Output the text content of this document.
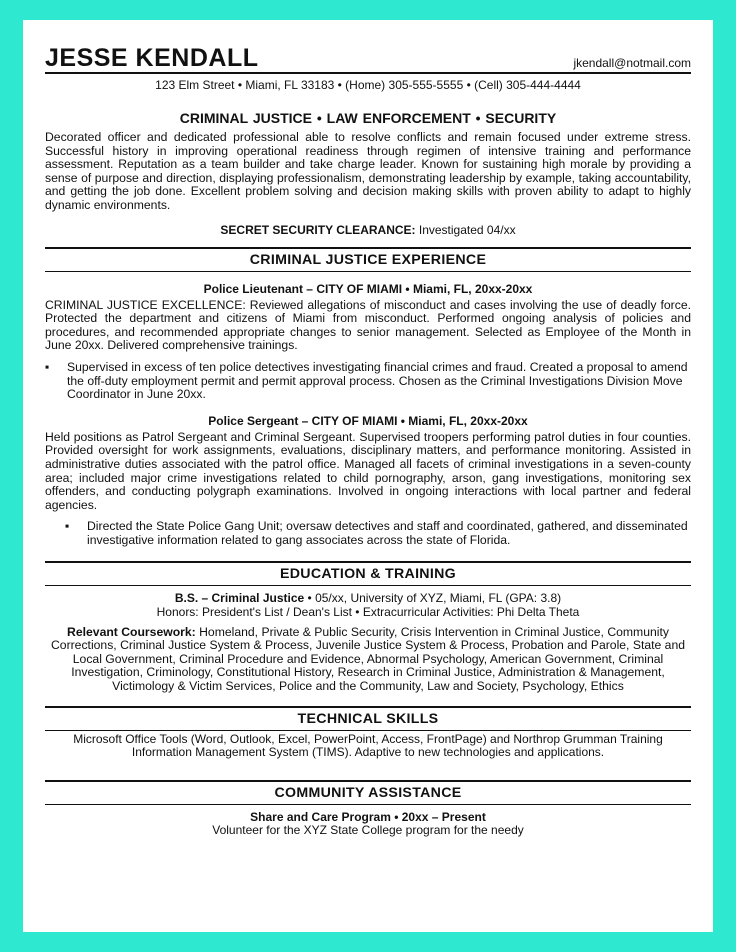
JESSE KENDALL	jkendall@notmail.com
123 Elm Street • Miami, FL 33183 • (Home) 305-555-5555 • (Cell) 305-444-4444
CRIMINAL JUSTICE • LAW ENFORCEMENT • SECURITY

Decorated officer and dedicated professional able to resolve conflicts and remain focused under extreme stress. Successful history in improving operational readiness through regimen of intensive training and performance assessment. Reputation as a team builder and take charge leader. Known for sustaining high morale by providing a sense of purpose and direction, displaying professionalism, demonstrating leadership by example, taking accountability, and getting the job done. Excellent problem solving and decision making skills with proven ability to adapt to highly dynamic environments.

SECRET SECURITY CLEARANCE: Investigated 04/xx
CRIMINAL JUSTICE EXPERIENCE
Police Lieutenant – CITY OF MIAMI • Miami, FL, 20xx-20xx

CRIMINAL JUSTICE EXCELLENCE: Reviewed allegations of misconduct and cases involving the use of deadly force. Protected the department and citizens of Miami from misconduct. Performed ongoing analysis of policies and procedures, and recommended appropriate changes to senior management. Selected as Employee of the Month in June 20xx. Delivered comprehensive trainings.

▪	Supervised in excess of ten police detectives investigating financial crimes and fraud. Created a proposal to amend the off-duty employment permit and permit approval process. Chosen as the Criminal Investigations Division Move Coordinator in June 20xx.
Police Sergeant – CITY OF MIAMI • Miami, FL, 20xx-20xx

Held positions as Patrol Sergeant and Criminal Sergeant. Supervised troopers performing patrol duties in four counties. Provided oversight for work assignments, evaluations, disciplinary matters, and performance monitoring. Assisted in administrative duties associated with the patrol office. Managed all facets of criminal investigations in a seven-county area; included major crime investigations related to child pornography, arson, gang investigations, monitoring sex offenders, and conducting polygraph examinations. Involved in ongoing interactions with local partner and federal agencies.

▪	Directed the State Police Gang Unit; oversaw detectives and staff and coordinated, gathered, and disseminated investigative information related to gang associates across the state of Florida.
EDUCATION & TRAINING

B.S. – Criminal Justice • 05/xx, University of XYZ, Miami, FL (GPA: 3.8)

Honors: President's List / Dean's List • Extracurricular Activities: Phi Delta Theta

Relevant Coursework: Homeland, Private & Public Security, Crisis Intervention in Criminal Justice, Community Corrections, Criminal Justice System & Process, Juvenile Justice System & Process, Probation and Parole, State and Local Government, Criminal Procedure and Evidence, Abnormal Psychology, American Government, Criminal Investigation, Criminology, Constitutional History, Research in Criminal Justice, Administration & Management, Victimology & Victim Services, Police and the Community, Law and Society, Psychology, Ethics

TECHNICAL SKILLS

Microsoft Office Tools (Word, Outlook, Excel, PowerPoint, Access, FrontPage) and Northrop Grumman Training Information Management System (TIMS). Adaptive to new technologies and applications.

COMMUNITY ASSISTANCE

Share and Care Program • 20xx – Present

Volunteer for the XYZ State College program for the needy
